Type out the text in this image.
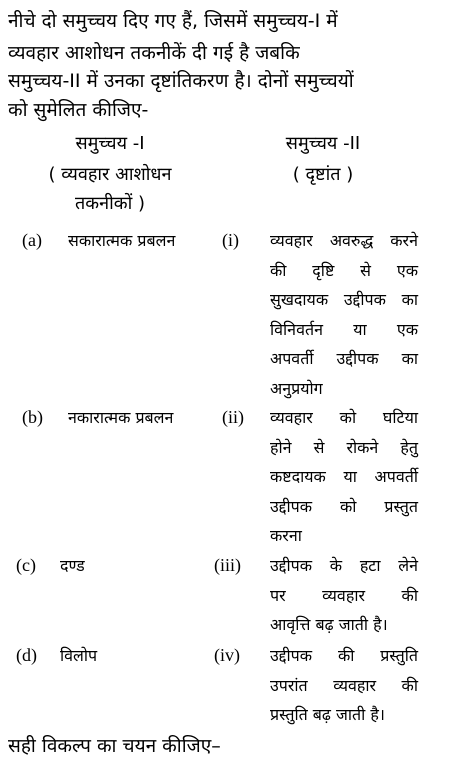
नीचे दो समुच्चय दिए गए हैं, जिसमें समुच्चय-I में
व्यवहार आशोधन तकनीकें दी गई है जबकि
समुच्चय-II में उनका दृष्टांतिकरण है। दोनों समुच्चयों
को सुमेलित कीजिए-
समुच्चय -I
( व्यवहार आशोधन
तकनीकों )
समुच्चय -II
( दृष्टांत )
(a) सकारात्मक प्रबलन	(i) व्यवहार अवरुद्ध करने
की दृष्टि से एक
सुखदायक उद्दीपक का
विनिवर्तन या एक
अपवर्ती उद्दीपक का
अनुप्रयोग
(b) नकारात्मक प्रबलन	(ii) व्यवहार को घटिया
होने से रोकने हेतु
कष्टदायक या अपवर्ती
उद्दीपक को प्रस्तुत
करना
(c) दण्ड	(iii) उद्दीपक के हटा लेने
पर व्यवहार की
आवृत्ति बढ़ जाती है।
(d) विलोप	(iv) उद्दीपक की प्रस्तुति
उपरांत व्यवहार की
प्रस्तुति बढ़ जाती है।
सही विकल्प का चयन कीजिए–
